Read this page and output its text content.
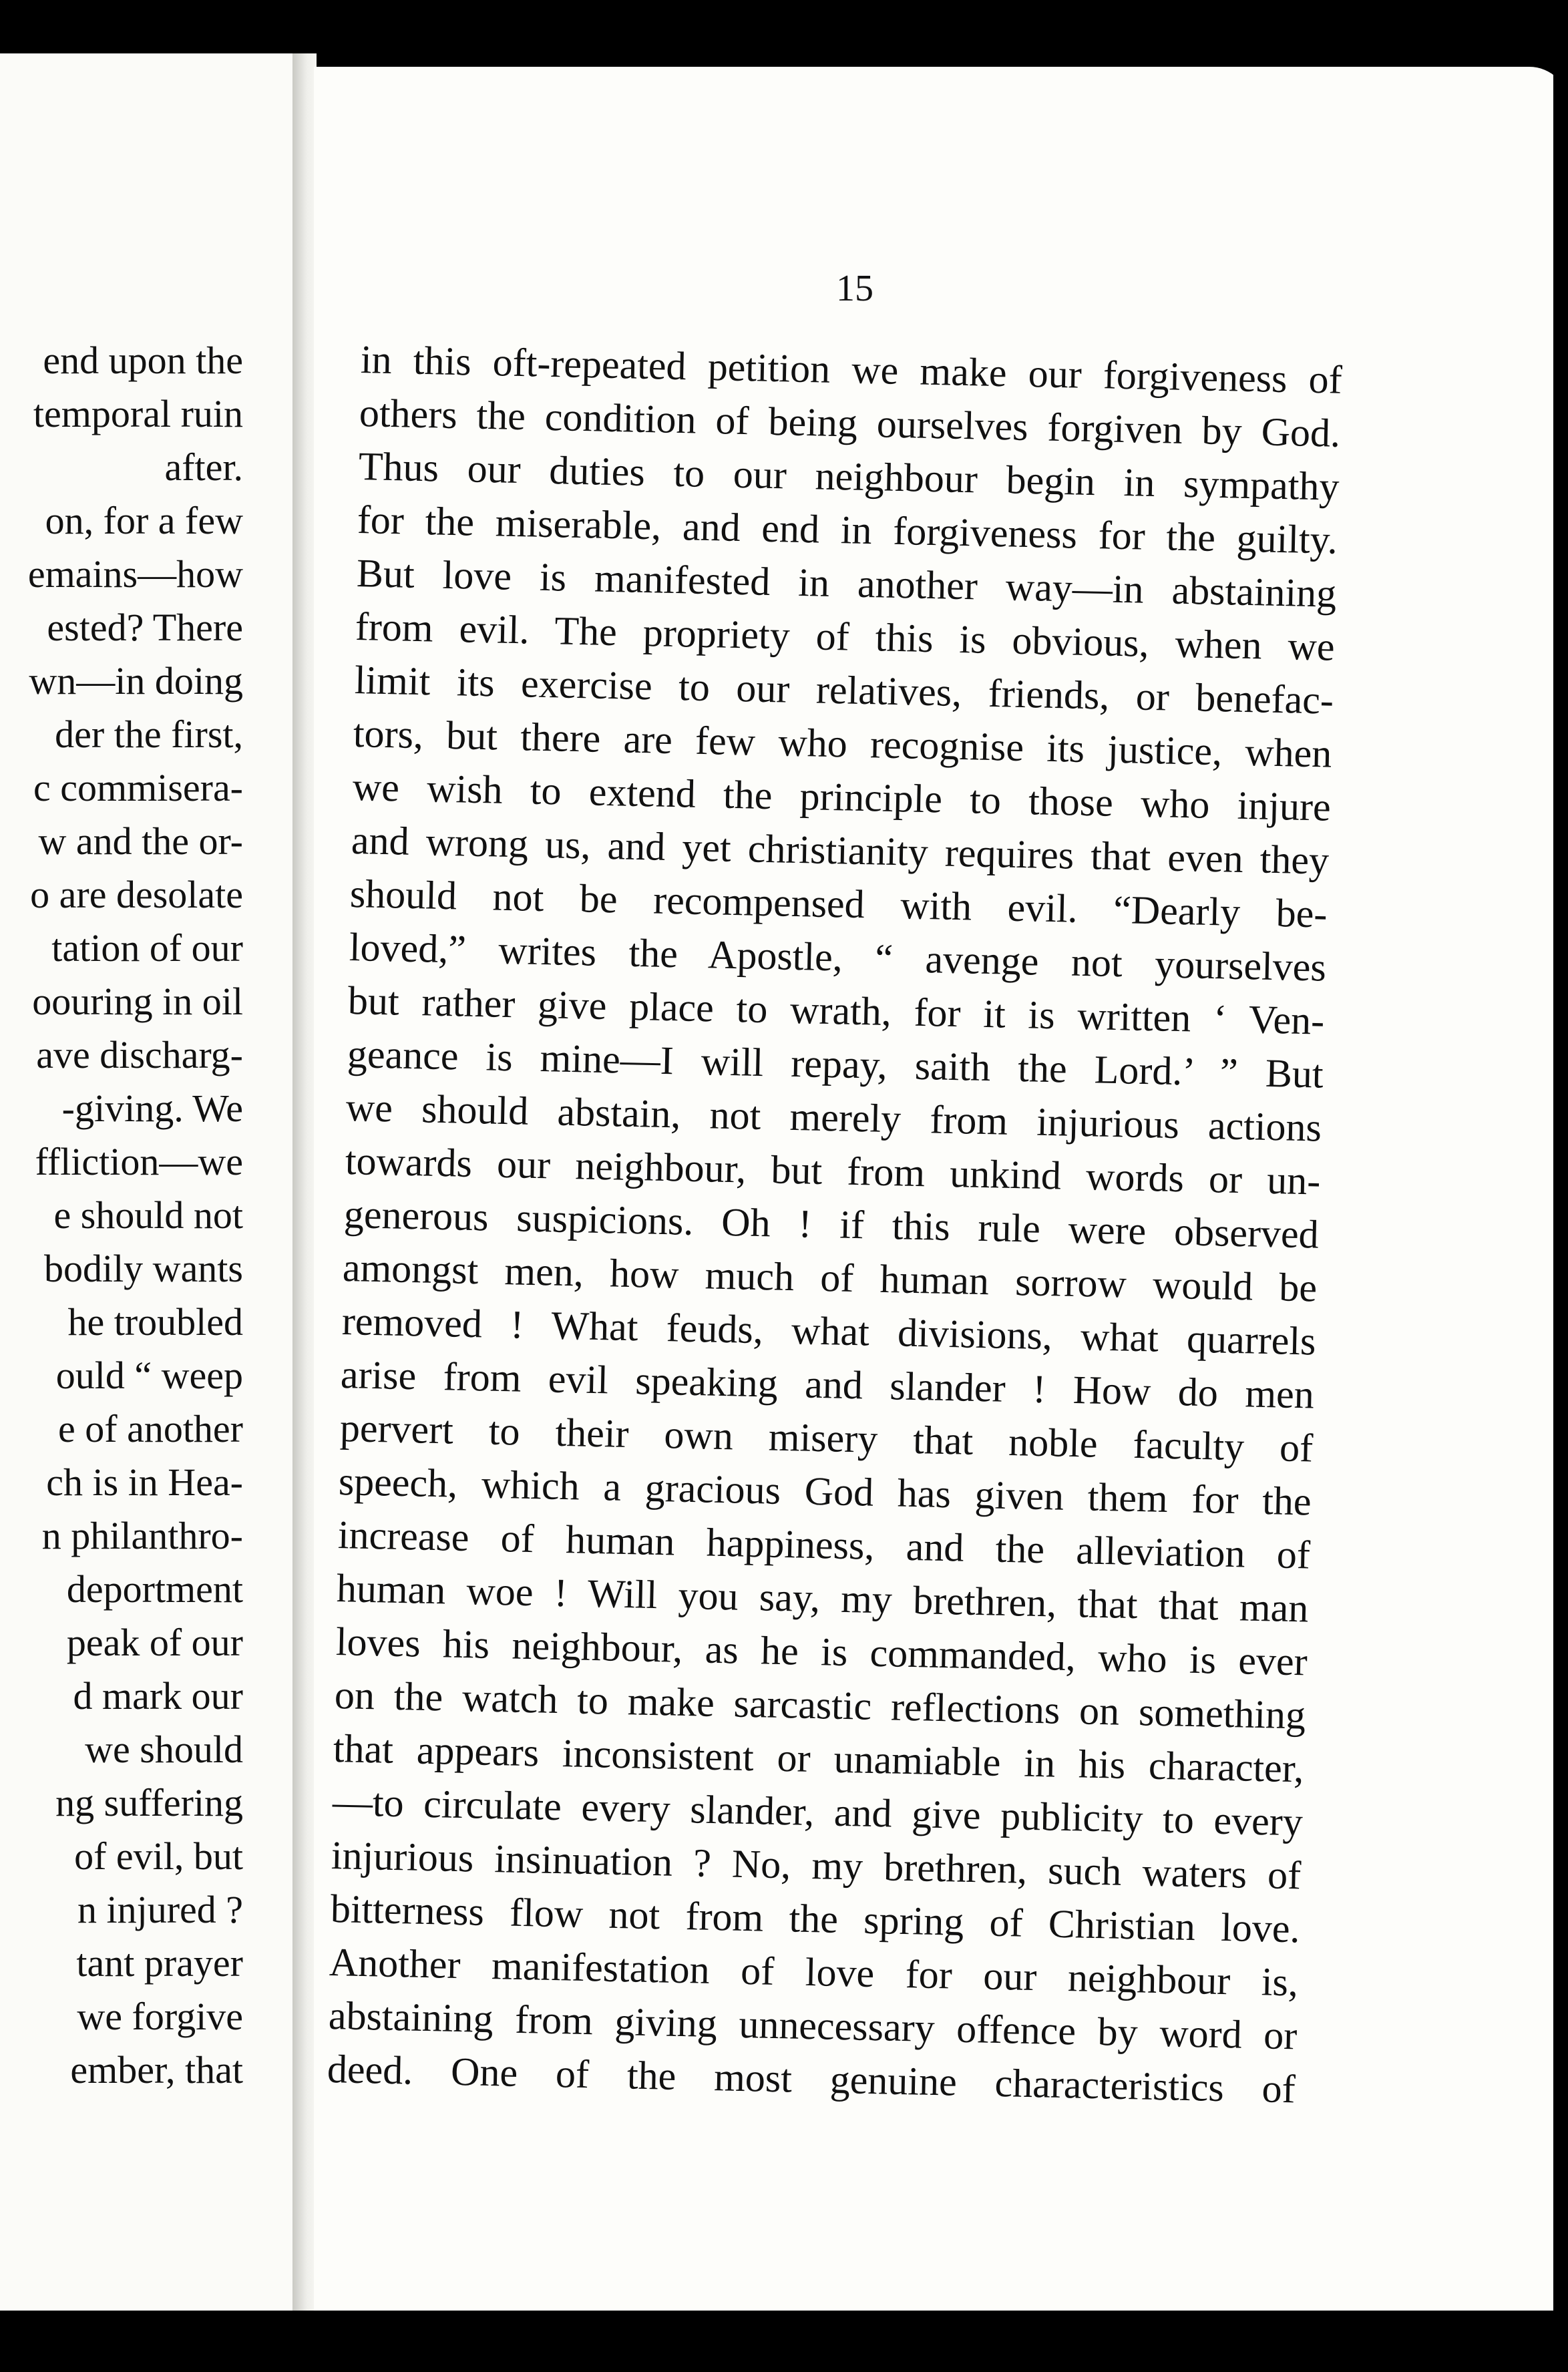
end upon the
temporal ruin
after.
on, for a few
emains—how
ested? There
wn—in doing
der the first,
c commisera-
w and the or-
o are desolate
tation of our
oouring in oil
ave discharg-
-giving. We
ffliction—we
e should not
bodily wants
he troubled
ould “ weep
e of another
ch is in Hea-
n philanthro-
deportment
peak of our
d mark our
we should
ng suffering
of evil, but
n injured ?
tant prayer
we forgive
ember, that
15
in this oft-repeated petition we make our forgiveness of
others the condition of being ourselves forgiven by God.
Thus our duties to our neighbour begin in sympathy
for the miserable, and end in forgiveness for the guilty.
But love is manifested in another way—in abstaining
from evil. The propriety of this is obvious, when we
limit its exercise to our relatives, friends, or benefac-
tors, but there are few who recognise its justice, when
we wish to extend the principle to those who injure
and wrong us, and yet christianity requires that even they
should not be recompensed with evil. “Dearly be-
loved,” writes the Apostle, “ avenge not yourselves
but rather give place to wrath, for it is written ‘ Ven-
geance is mine—I will repay, saith the Lord.’ ” But
we should abstain, not merely from injurious actions
towards our neighbour, but from unkind words or un-
generous suspicions. Oh ! if this rule were observed
amongst men, how much of human sorrow would be
removed ! What feuds, what divisions, what quarrels
arise from evil speaking and slander ! How do men
pervert to their own misery that noble faculty of
speech, which a gracious God has given them for the
increase of human happiness, and the alleviation of
human woe ! Will you say, my brethren, that that man
loves his neighbour, as he is commanded, who is ever
on the watch to make sarcastic reflections on something
that appears inconsistent or unamiable in his character,
—to circulate every slander, and give publicity to every
injurious insinuation ? No, my brethren, such waters of
bitterness flow not from the spring of Christian love.
Another manifestation of love for our neighbour is,
abstaining from giving unnecessary offence by word or
deed. One of the most genuine characteristics of
